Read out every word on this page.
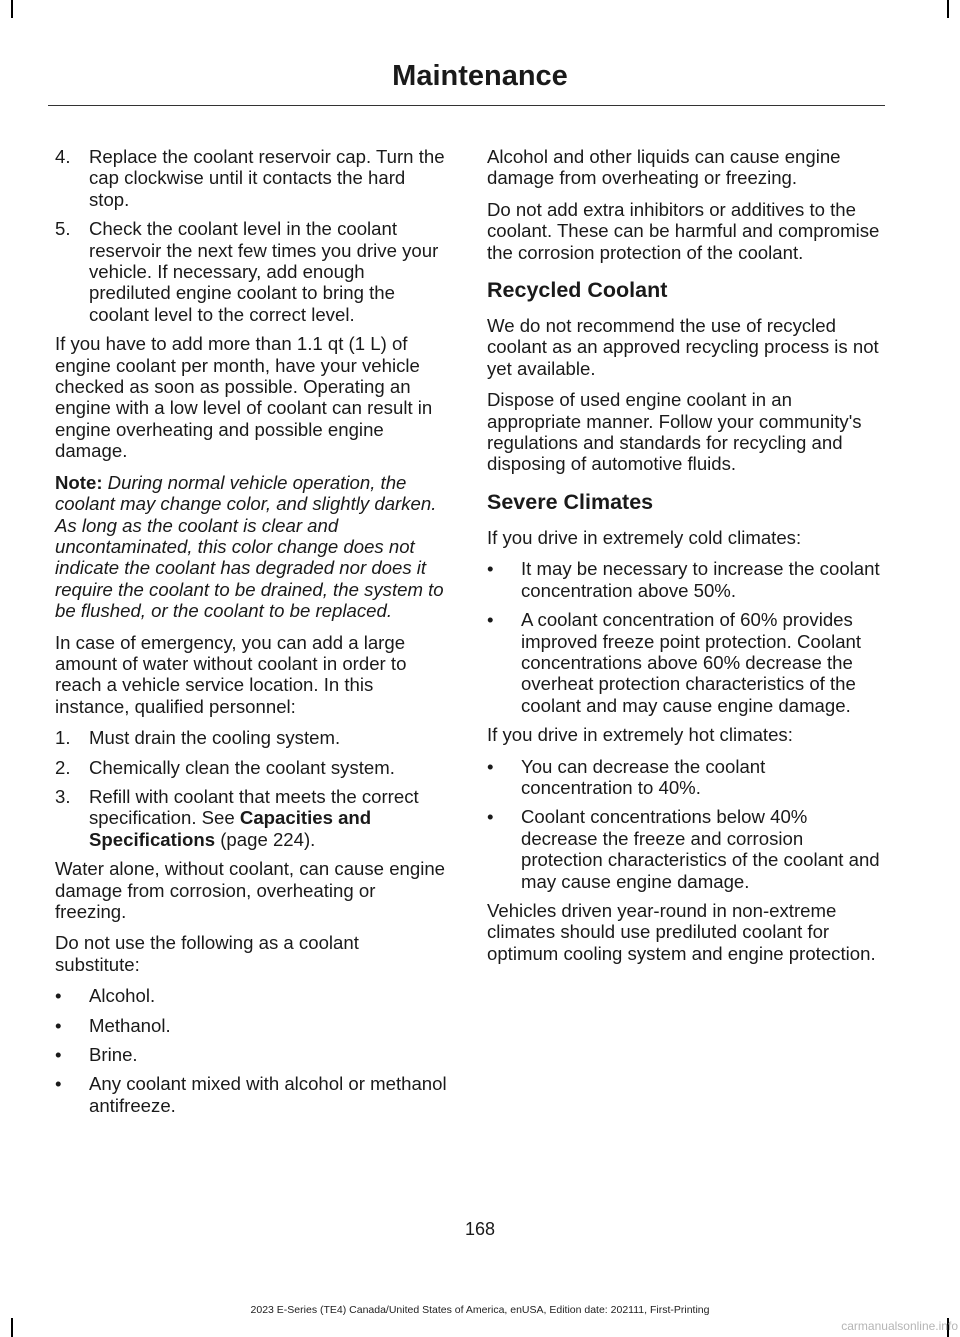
Maintenance
4. Replace the coolant reservoir cap. Turn the cap clockwise until it contacts the hard stop.
5. Check the coolant level in the coolant reservoir the next few times you drive your vehicle. If necessary, add enough prediluted engine coolant to bring the coolant level to the correct level.

If you have to add more than 1.1 qt (1 L) of engine coolant per month, have your vehicle checked as soon as possible. Operating an engine with a low level of coolant can result in engine overheating and possible engine damage.

Note: During normal vehicle operation, the coolant may change color, and slightly darken. As long as the coolant is clear and uncontaminated, this color change does not indicate the coolant has degraded nor does it require the coolant to be drained, the system to be flushed, or the coolant to be replaced.

In case of emergency, you can add a large amount of water without coolant in order to reach a vehicle service location. In this instance, qualified personnel:

1. Must drain the cooling system.
2. Chemically clean the coolant system.
3. Refill with coolant that meets the correct specification. See Capacities and Specifications (page 224).

Water alone, without coolant, can cause engine damage from corrosion, overheating or freezing.

Do not use the following as a coolant substitute:

•	Alcohol.
•	Methanol.
•	Brine.
•	Any coolant mixed with alcohol or methanol antifreeze.

Alcohol and other liquids can cause engine damage from overheating or freezing.

Do not add extra inhibitors or additives to the coolant. These can be harmful and compromise the corrosion protection of the coolant.

Recycled Coolant

We do not recommend the use of recycled coolant as an approved recycling process is not yet available.

Dispose of used engine coolant in an appropriate manner. Follow your community's regulations and standards for recycling and disposing of automotive fluids.

Severe Climates

If you drive in extremely cold climates:

•	It may be necessary to increase the coolant concentration above 50%.
•	A coolant concentration of 60% provides improved freeze point protection. Coolant concentrations above 60% decrease the overheat protection characteristics of the coolant and may cause engine damage.

If you drive in extremely hot climates:

•	You can decrease the coolant concentration to 40%.
•	Coolant concentrations below 40% decrease the freeze and corrosion protection characteristics of the coolant and may cause engine damage.

Vehicles driven year-round in non-extreme climates should use prediluted coolant for optimum cooling system and engine protection.

168
2023 E-Series (TE4) Canada/United States of America, enUSA, Edition date: 202111, First-Printing
carmanualsonline.info
